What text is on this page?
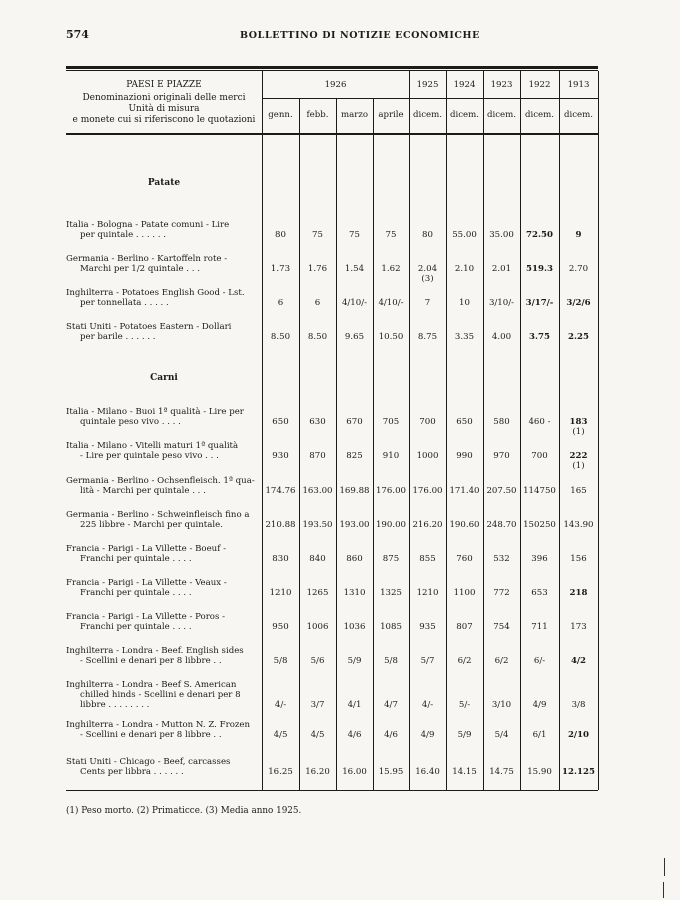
574	BOLLETTINO DI NOTIZIE ECONOMICHE
PAESI E PIAZZE
Denominazioni originali delle merci
Unità di misura
e monete cui si riferiscono le quotazioni
1926	1925	1924	1923	1922	1913
genn.	febb.	marzo	aprile	dicem. dicem. dicem.	dicem.	dicem.
Patate
Italia - Bologna - Patate comuni - Lire
per quintale . . . . . .	80	75	75	75	80	55.00	35.00	72.50	9
Germania - Berlino - Kartoffeln rote -
Marchi per 1/2 quintale . . .	1.73	1.76	1.54	1.62	2.04	2.10	2.01	519.3	2.70
(3)
Inghilterra - Potatoes English Good - Lst.
per tonnellata . . . . .	6	6	4/10/-	4/10/-	7	10	3/10/-	3/17/-	3/2/6
Stati Uniti - Potatoes Eastern - Dollari
per barile . . . . . .	8.50	8.50	9.65	10.50	8.75	3.35	4.00	3.75	2.25
Carni
Italia - Milano - Buoi 1ª qualità - Lire per
quintale peso vivo . . . .	650	630	670	705	700	650	580	460 -	183
(1)
Italia - Milano - Vitelli maturi 1ª qualità
- Lire per quintale peso vivo . . .	930	870	825	910	1000	990	970	700	222
(1)
Germania - Berlino - Ochsenfleisch. 1ª qua-
lità - Marchi per quintale . . .	174.76 163.00 169.88 176.00 176.00 171.40 207.50 114750	165
Germania - Berlino - Schweinfleisch fino a
225 libbre - Marchi per quintale.	210.88 193.50 193.00 190.00 216.20 190.60 248.70 150250 143.90
Francia - Parigi - La Villette - Boeuf -
Franchi per quintale . . . .	830	840	860	875	855	760	532	396	156
Francia - Parigi - La Villette - Veaux -
Franchi per quintale . . . .	1210	1265	1310	1325	1210	1100	772	653	218
Francia - Parigi - La Villette - Poros -
Franchi per quintale . . . .	950	1006	1036	1085	935	807	754	711	173
Inghilterra - Londra - Beef. English sides
- Scellini e denari per 8 libbre . .	5/8	5/6	5/9	5/8	5/7	6/2	6/2	6/-	4/2
Inghilterra - Londra - Beef S. American
chilled hinds - Scellini e denari per 8
libbre . . . . . . . .	4/-	3/7	4/1	4/7	4/-	5/-	3/10	4/9	3/8
Inghilterra - Londra - Mutton N. Z. Frozen
- Scellini e denari per 8 libbre . .	4/5	4/5	4/6	4/6	4/9	5/9	5/4	6/1	2/10
Stati Uniti - Chicago - Beef, carcasses
Cents per libbra . . . . . .	16.25	16.20	16.00	15.95	16.40	14.15	14.75	15.90	12.125
(1) Peso morto. (2) Primaticce. (3) Media anno 1925.
